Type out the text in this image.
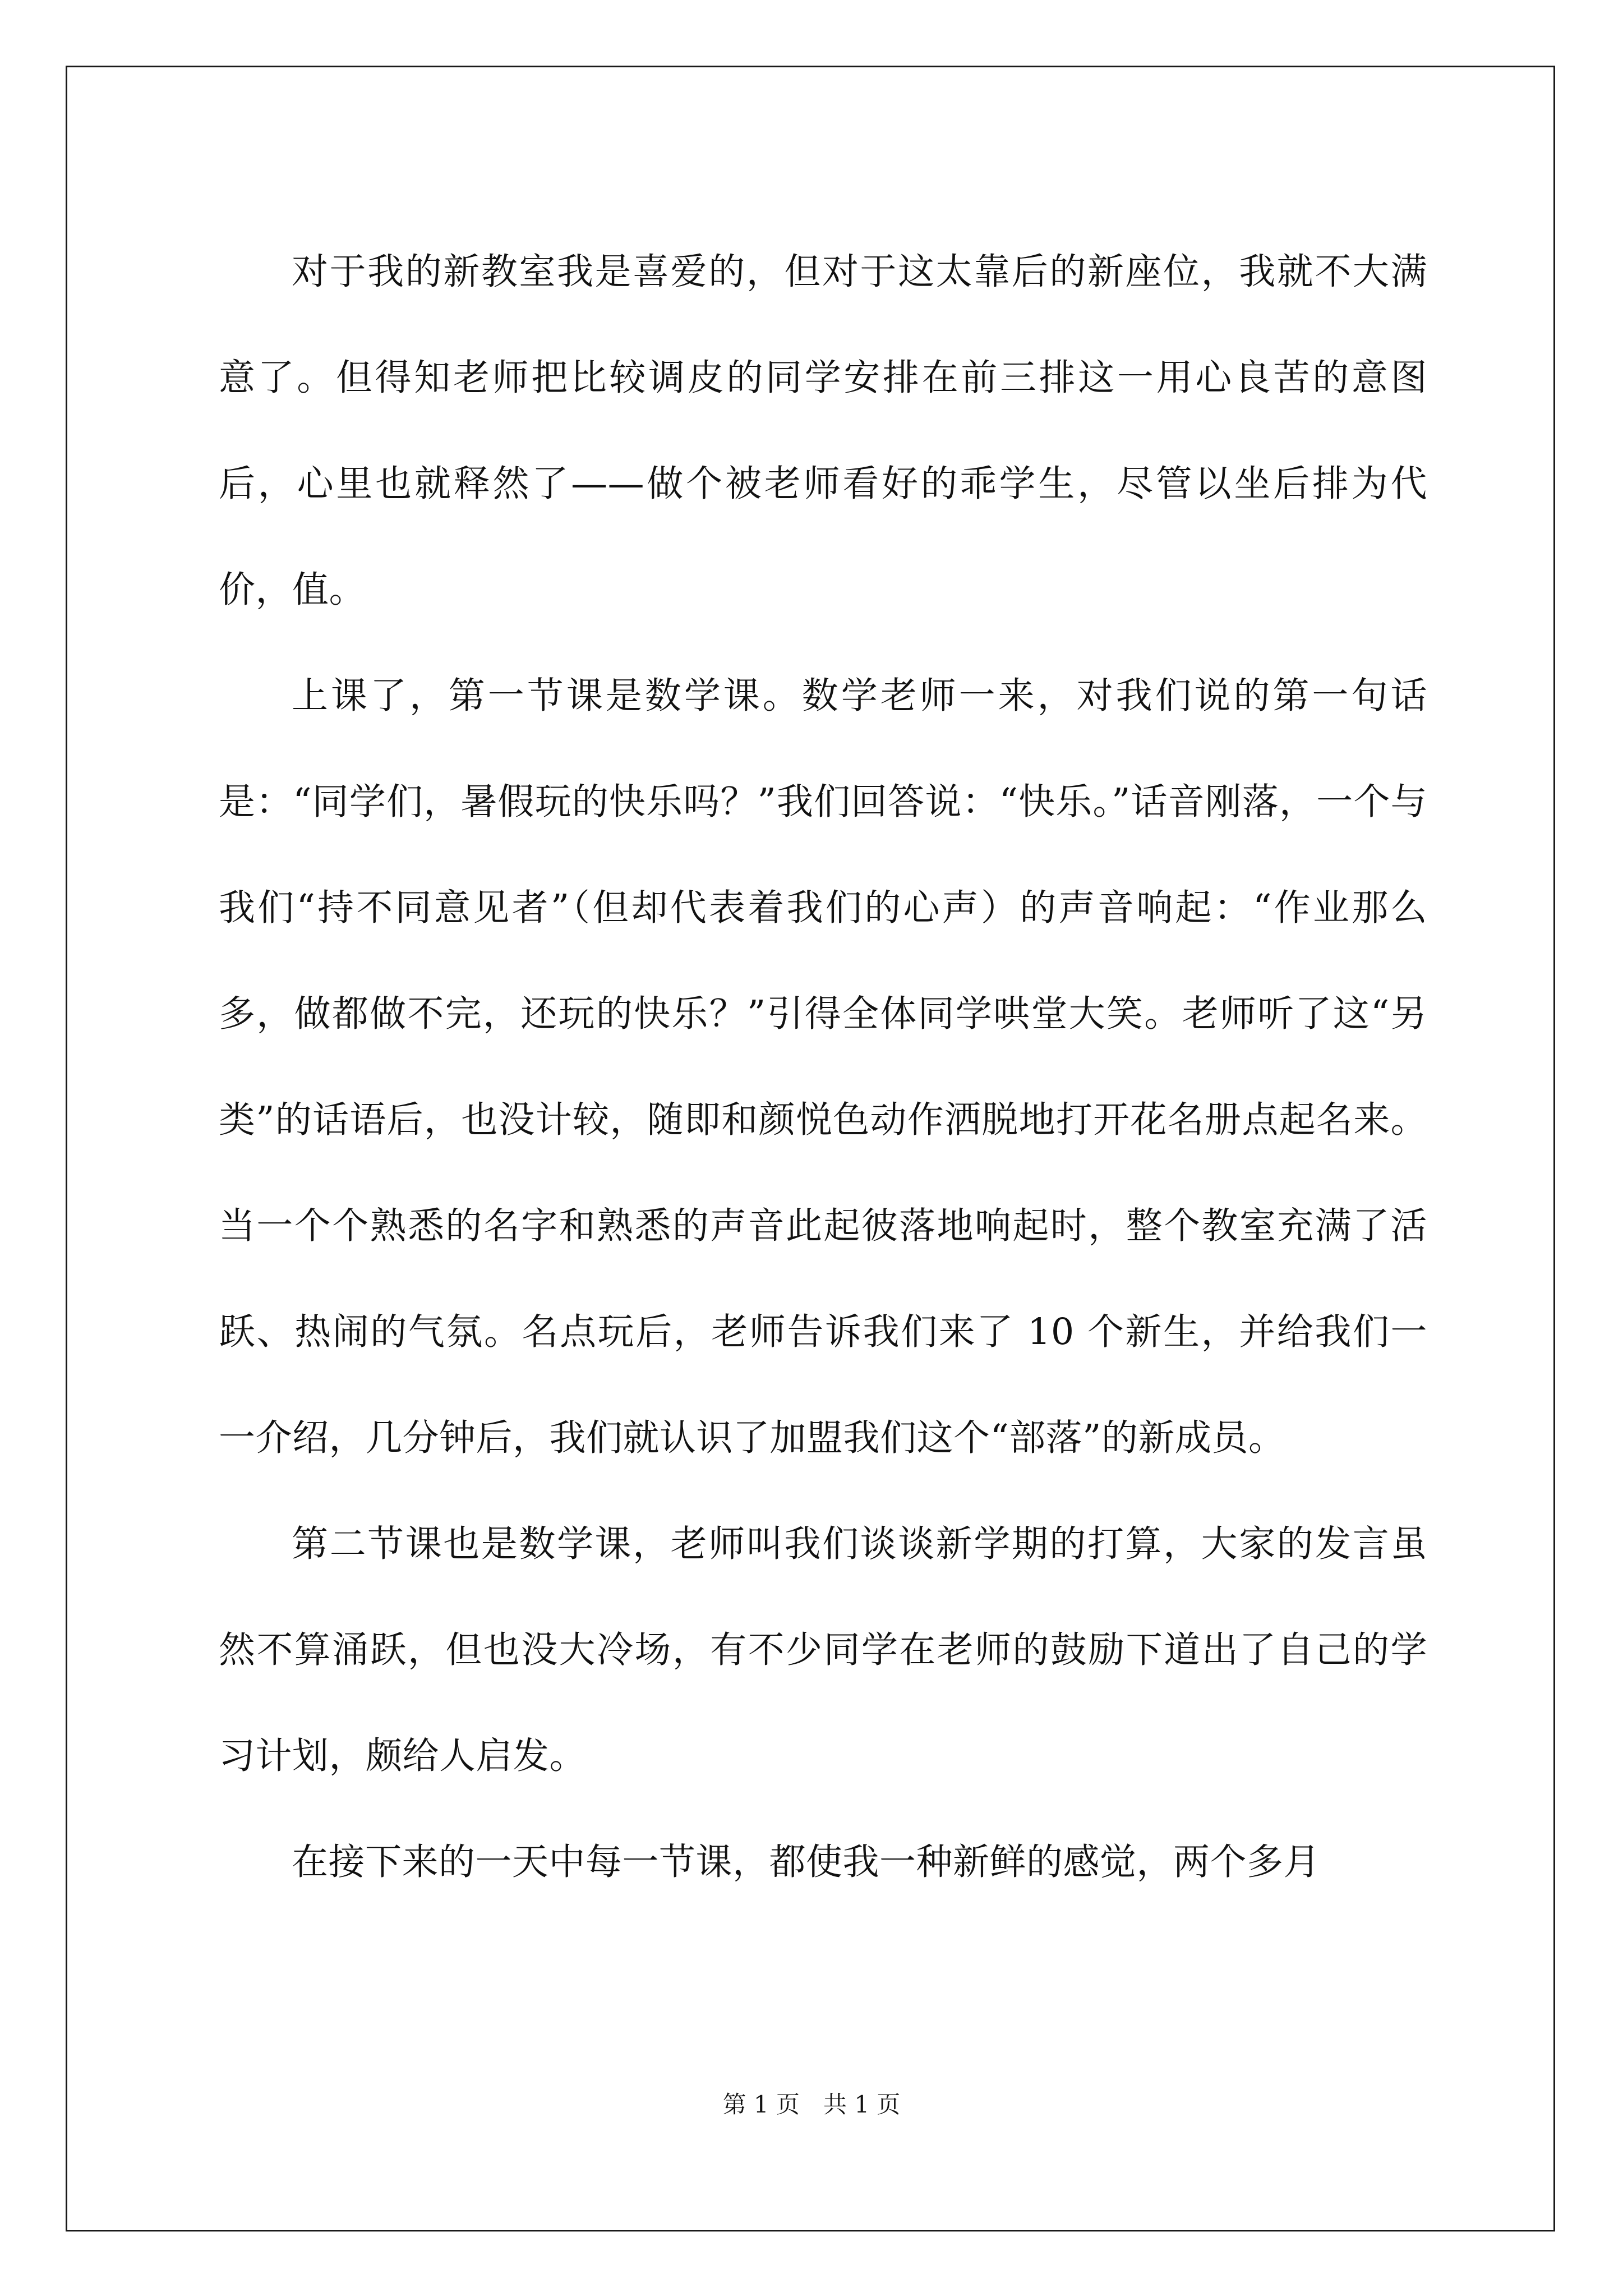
对于我的新教室我是喜爱的，但对于这太靠后的新座位，我就不大满意了。但得知老师把比较调皮的同学安排在前三排这一用心良苦的意图后，心里也就释然了——做个被老师看好的乖学生，尽管以坐后排为代价，值。

上课了，第一节课是数学课。数学老师一来，对我们说的第一句话是：“同学们，暑假玩的快乐吗？”我们回答说：“快乐。”话音刚落，一个与我们“持不同意见者”（但却代表着我们的心声）的声音响起：“作业那么多，做都做不完，还玩的快乐？”引得全体同学哄堂大笑。老师听了这“另类”的话语后，也没计较，随即和颜悦色动作洒脱地打开花名册点起名来。当一个个熟悉的名字和熟悉的声音此起彼落地响起时，整个教室充满了活跃、热闹的气氛。名点玩后，老师告诉我们来了 10 个新生，并给我们一一介绍，几分钟后，我们就认识了加盟我们这个“部落”的新成员。

第二节课也是数学课，老师叫我们谈谈新学期的打算，大家的发言虽然不算涌跃，但也没大冷场，有不少同学在老师的鼓励下道出了自己的学习计划，颇给人启发。

在接下来的一天中每一节课，都使我一种新鲜的感觉，两个多月

第 1 页 共 1 页
